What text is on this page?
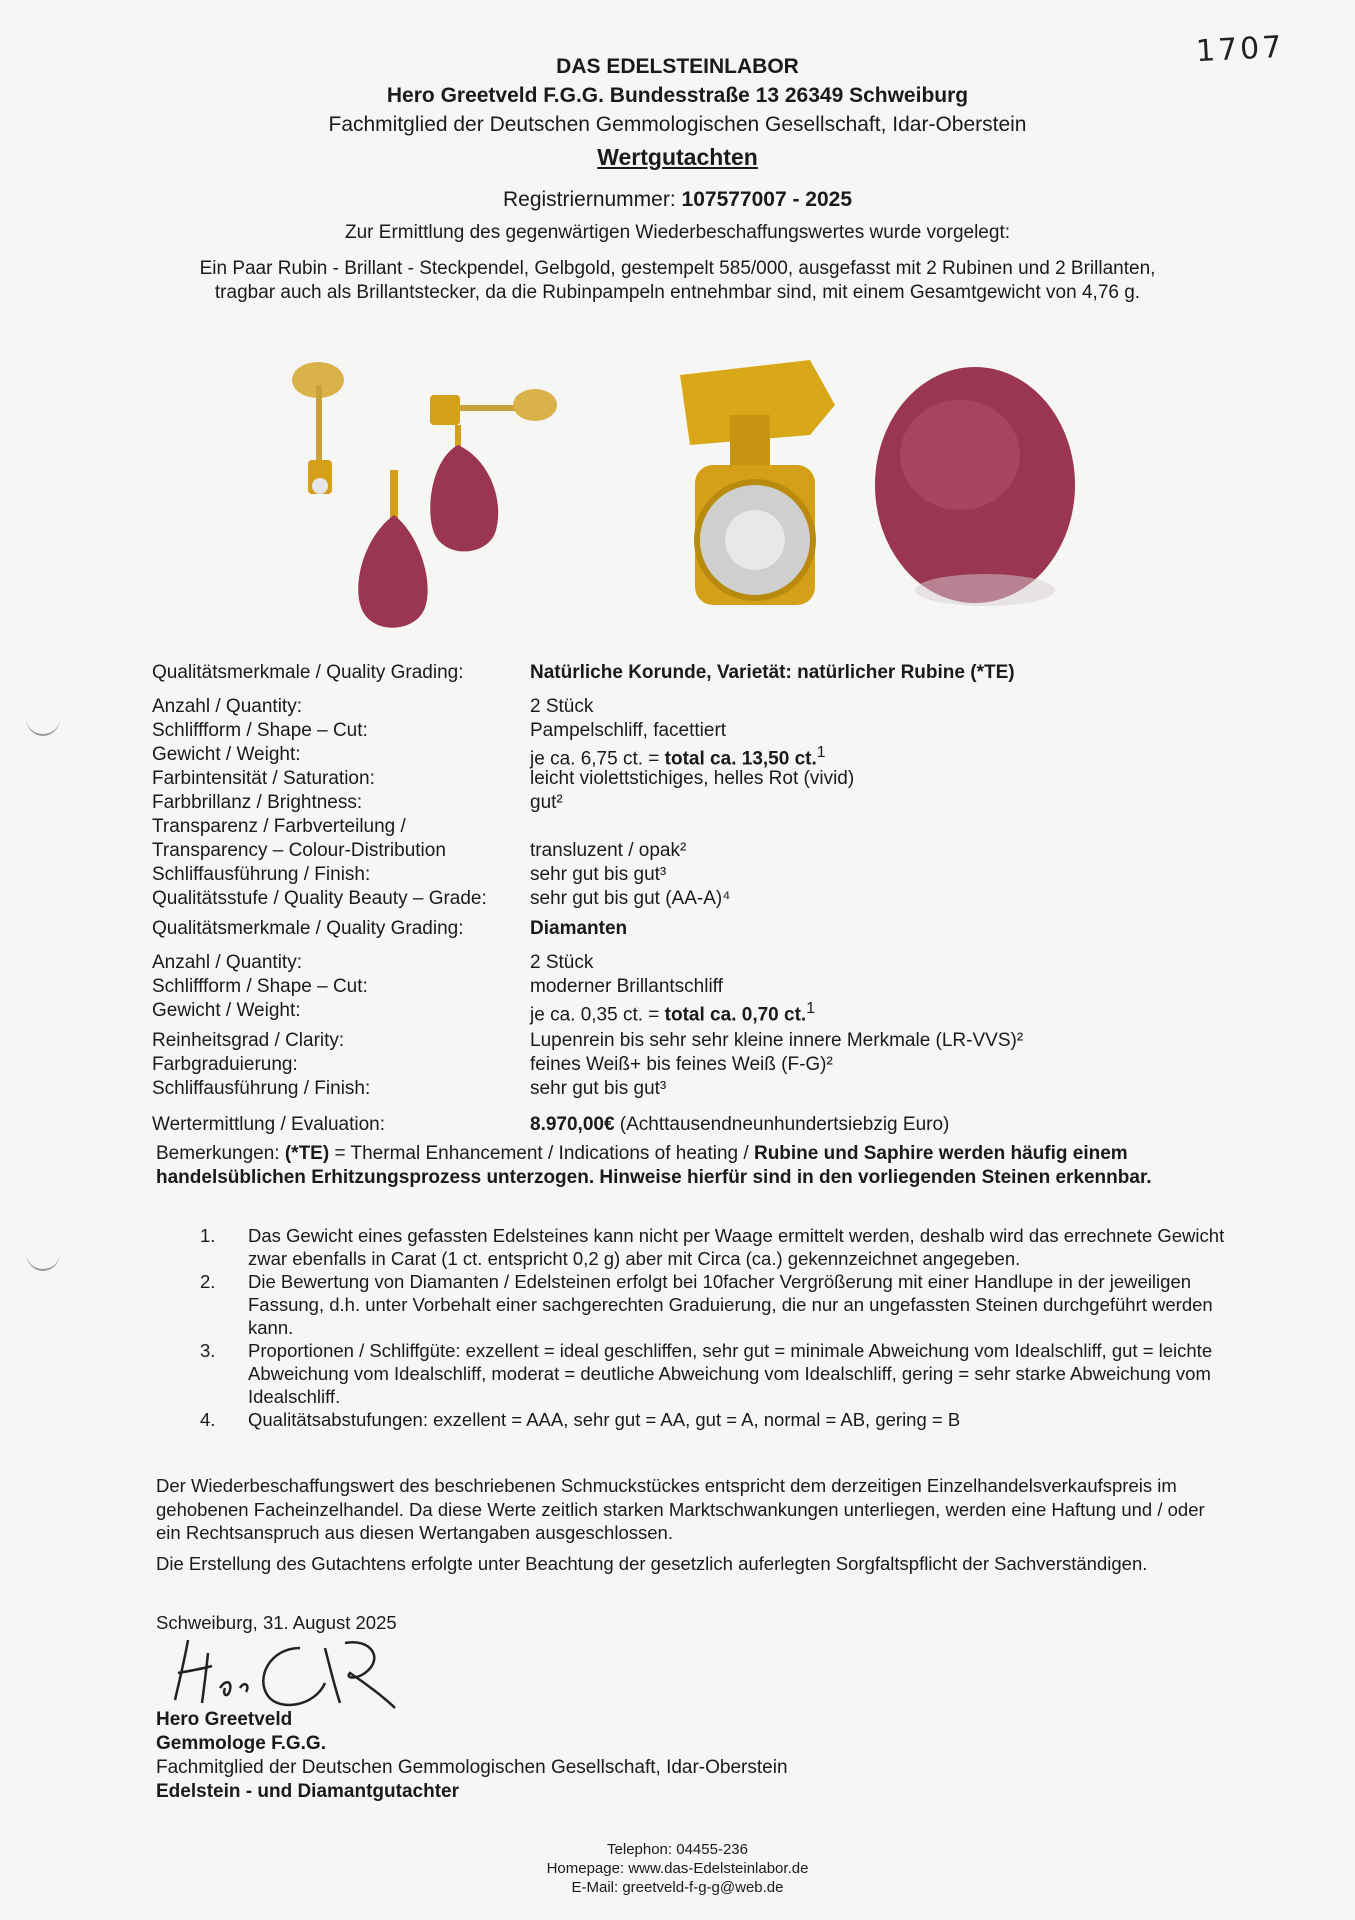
1707
DAS EDELSTEINLABOR
Hero Greetveld F.G.G. Bundesstraße 13 26349 Schweiburg
Fachmitglied der Deutschen Gemmologischen Gesellschaft, Idar-Oberstein
Wertgutachten
Registriernummer: 107577007 - 2025
Zur Ermittlung des gegenwärtigen Wiederbeschaffungswertes wurde vorgelegt:
Ein Paar Rubin - Brillant - Steckpendel, Gelbgold, gestempelt 585/000, ausgefasst mit 2 Rubinen und 2 Brillanten, tragbar auch als Brillantstecker, da die Rubinpampeln entnehmbar sind, mit einem Gesamtgewicht von 4,76 g.
Qualitätsmerkmale / Quality Grading:	Natürliche Korunde, Varietät: natürlicher Rubine (*TE)
Anzahl / Quantity:	2 Stück
Schliffform / Shape – Cut:	Pampelschliff, facettiert
Gewicht / Weight:	je ca. 6,75 ct. = total ca. 13,50 ct.$^1$
Farbintensität / Saturation:	leicht violettstichiges, helles Rot (vivid)
Farbbrillanz / Brightness:	gut²
Transparenz / Farbverteilung /
Transparency – Colour-Distribution	transluzent / opak²
Schliffausführung / Finish:	sehr gut bis gut³
Qualitätsstufe / Quality Beauty – Grade: sehr gut bis gut (AA-A)⁴
Qualitätsmerkmale / Quality Grading:	Diamanten
Anzahl / Quantity:	2 Stück
Schliffform / Shape – Cut:	moderner Brillantschliff
Gewicht / Weight:	je ca. 0,35 ct. = total ca. 0,70 ct.$^1$
Reinheitsgrad / Clarity:	Lupenrein bis sehr sehr kleine innere Merkmale (LR-VVS)²
Farbgraduierung:	feines Weiß+ bis feines Weiß (F-G)²
Schliffausführung / Finish:	sehr gut bis gut³
Wertermittlung / Evaluation:	8.970,00€ (Achttausendneunhundertsiebzig Euro)
Bemerkungen: (*TE) = Thermal Enhancement / Indications of heating / Rubine und Saphire werden häufig einem handelsüblichen Erhitzungsprozess unterzogen. Hinweise hierfür sind in den vorliegenden Steinen erkennbar.
1. Das Gewicht eines gefassten Edelsteines kann nicht per Waage ermittelt werden, deshalb wird das errechnete Gewicht zwar ebenfalls in Carat (1 ct. entspricht 0,2 g) aber mit Circa (ca.) gekennzeichnet angegeben.
2. Die Bewertung von Diamanten / Edelsteinen erfolgt bei 10facher Vergrößerung mit einer Handlupe in der jeweiligen Fassung, d.h. unter Vorbehalt einer sachgerechten Graduierung, die nur an ungefassten Steinen durchgeführt werden kann.
3. Proportionen / Schliffgüte: exzellent = ideal geschliffen, sehr gut = minimale Abweichung vom Idealschliff, gut = leichte Abweichung vom Idealschliff, moderat = deutliche Abweichung vom Idealschliff, gering = sehr starke Abweichung vom Idealschliff.
4. Qualitätsabstufungen: exzellent = AAA, sehr gut = AA, gut = A, normal = AB, gering = B
Der Wiederbeschaffungswert des beschriebenen Schmuckstückes entspricht dem derzeitigen Einzelhandelsverkaufspreis im gehobenen Facheinzelhandel. Da diese Werte zeitlich starken Marktschwankungen unterliegen, werden eine Haftung und / oder ein Rechtsanspruch aus diesen Wertangaben ausgeschlossen.
Die Erstellung des Gutachtens erfolgte unter Beachtung der gesetzlich auferlegten Sorgfaltspflicht der Sachverständigen.
Schweiburg, 31. August 2025
Hero Greetveld
Gemmologe F.G.G.
Fachmitglied der Deutschen Gemmologischen Gesellschaft, Idar-Oberstein
Edelstein - und Diamantgutachter
Telephon: 04455-236
Homepage: www.das-Edelsteinlabor.de
E-Mail: greetveld-f-g-g@web.de
